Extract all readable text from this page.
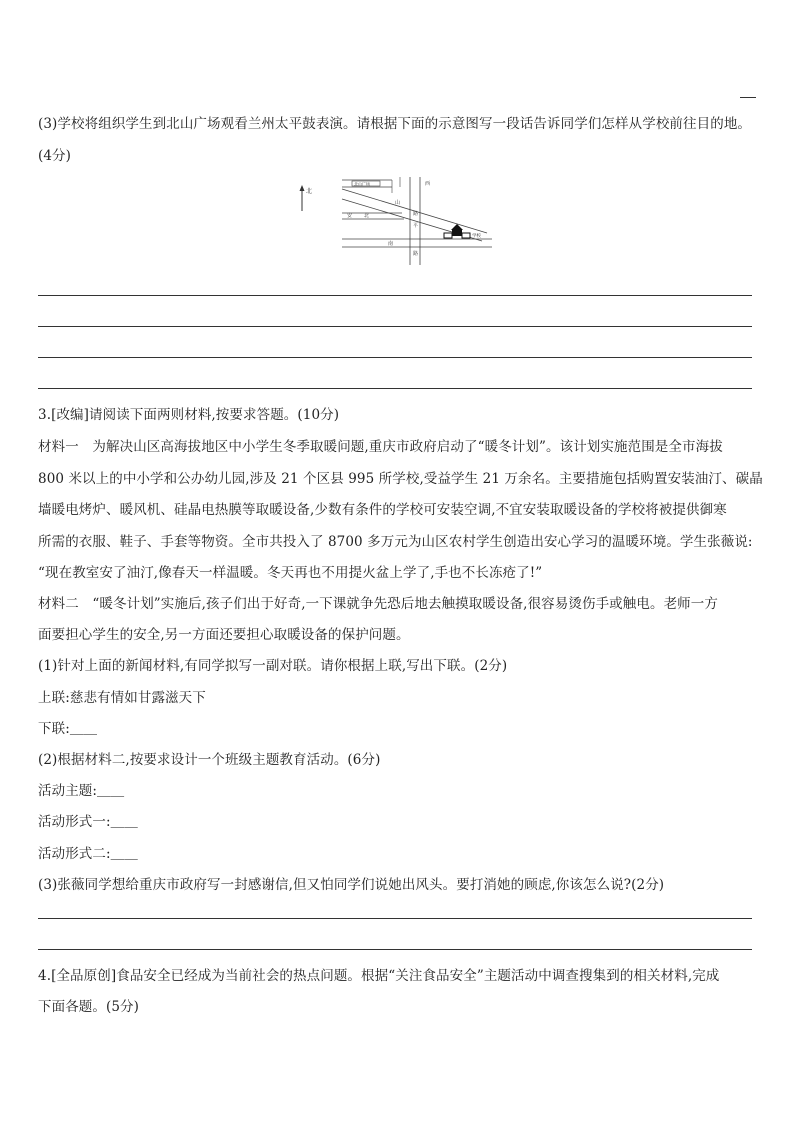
(3)学校将组织学生到北山广场观看兰州太平鼓表演。请根据下面的示意图写一段话告诉同学们怎样从学校前往目的地。
(4分)
北
北山广场	西
安 北
山
平
路
南
路
学校
3.[改编]请阅读下面两则材料,按要求答题。(10分)
材料一　为解决山区高海拔地区中小学生冬季取暖问题,重庆市政府启动了“暖冬计划”。该计划实施范围是全市海拔
800 米以上的中小学和公办幼儿园,涉及 21 个区县 995 所学校,受益学生 21 万余名。主要措施包括购置安装油汀、碳晶
墙暖电烤炉、暖风机、硅晶电热膜等取暖设备,少数有条件的学校可安装空调,不宜安装取暖设备的学校将被提供御寒
所需的衣服、鞋子、手套等物资。全市共投入了 8700 多万元为山区农村学生创造出安心学习的温暖环境。学生张薇说:
“现在教室安了油汀,像春天一样温暖。冬天再也不用提火盆上学了,手也不长冻疮了!”
材料二　“暖冬计划”实施后,孩子们出于好奇,一下课就争先恐后地去触摸取暖设备,很容易烫伤手或触电。老师一方
面要担心学生的安全,另一方面还要担心取暖设备的保护问题。
(1)针对上面的新闻材料,有同学拟写一副对联。请你根据上联,写出下联。(2分)
上联:慈悲有情如甘露滋天下
下联:＿＿
(2)根据材料二,按要求设计一个班级主题教育活动。(6分)
活动主题:＿＿
活动形式一:＿＿
活动形式二:＿＿
(3)张薇同学想给重庆市政府写一封感谢信,但又怕同学们说她出风头。要打消她的顾虑,你该怎么说?(2分)
4.[全品原创]食品安全已经成为当前社会的热点问题。根据“关注食品安全”主题活动中调查搜集到的相关材料,完成
下面各题。(5分)
